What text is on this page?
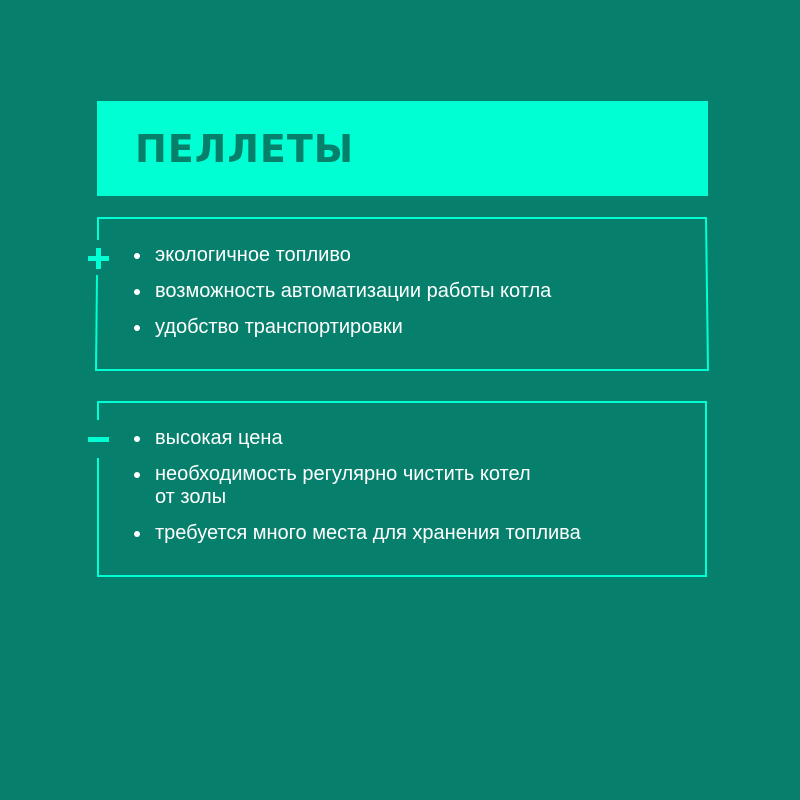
ПЕЛЛЕТЫ
экологичное топливо
возможность автоматизации работы котла
удобство транспортировки
высокая цена
необходимость регулярно чистить котел
от золы
требуется много места для хранения топлива
